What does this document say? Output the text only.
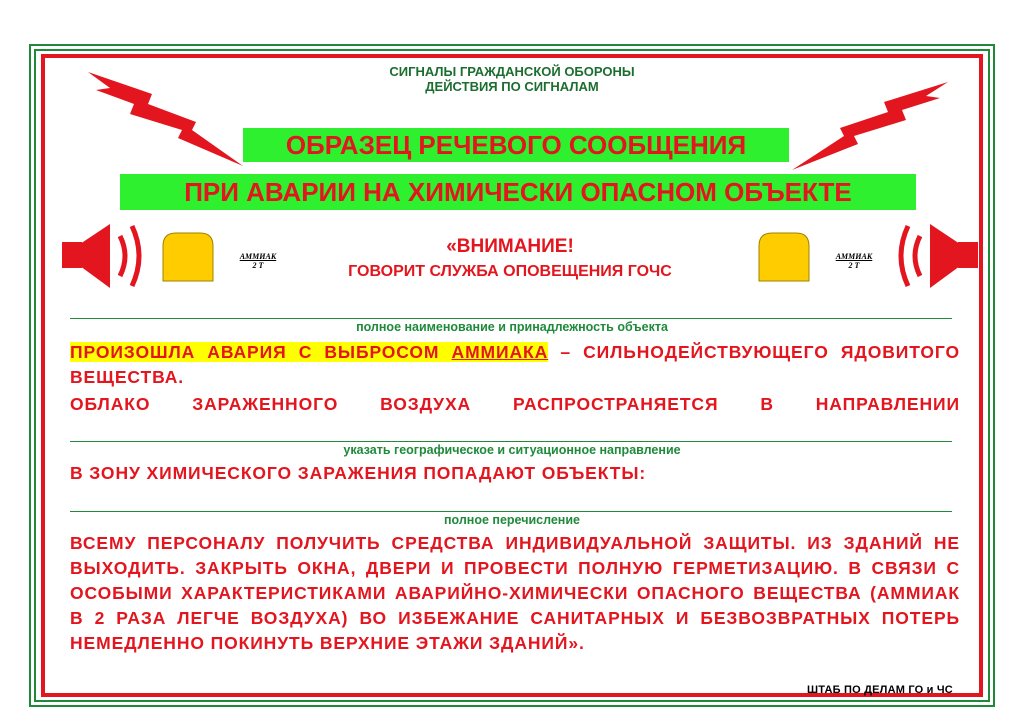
СИГНАЛЫ ГРАЖДАНСКОЙ ОБОРОНЫ
ДЕЙСТВИЯ ПО СИГНАЛАМ
ОБРАЗЕЦ РЕЧЕВОГО СООБЩЕНИЯ
ПРИ АВАРИИ НА ХИМИЧЕСКИ ОПАСНОМ ОБЪЕКТЕ
АММИАК
2 Т
АММИАК
2 Т
«ВНИМАНИЕ!
ГОВОРИТ СЛУЖБА ОПОВЕЩЕНИЯ ГОЧС
полное наименование и принадлежность объекта
ПРОИЗОШЛА АВАРИЯ С ВЫБРОСОМ АММИАКА – СИЛЬНОДЕЙСТВУЮЩЕГО ЯДОВИТОГО ВЕЩЕСТВА.
ОБЛАКО ЗАРАЖЕННОГО ВОЗДУХА РАСПРОСТРАНЯЕТСЯ В НАПРАВЛЕНИИ
указать географическое и ситуационное направление
В ЗОНУ ХИМИЧЕСКОГО ЗАРАЖЕНИЯ ПОПАДАЮТ ОБЪЕКТЫ:
полное перечисление
ВСЕМУ ПЕРСОНАЛУ ПОЛУЧИТЬ СРЕДСТВА ИНДИВИДУАЛЬНОЙ ЗАЩИТЫ. ИЗ ЗДАНИЙ НЕ ВЫХОДИТЬ. ЗАКРЫТЬ ОКНА, ДВЕРИ И ПРОВЕСТИ ПОЛНУЮ ГЕРМЕТИЗАЦИЮ. В СВЯЗИ С ОСОБЫМИ ХАРАКТЕРИСТИКАМИ АВАРИЙНО-ХИМИЧЕСКИ ОПАСНОГО ВЕЩЕСТВА (АММИАК В 2 РАЗА ЛЕГЧЕ ВОЗДУХА) ВО ИЗБЕЖАНИЕ САНИТАРНЫХ И БЕЗВОЗВРАТНЫХ ПОТЕРЬ НЕМЕДЛЕННО ПОКИНУТЬ ВЕРХНИЕ ЭТАЖИ ЗДАНИЙ».
ШТАБ ПО ДЕЛАМ ГО и ЧС
